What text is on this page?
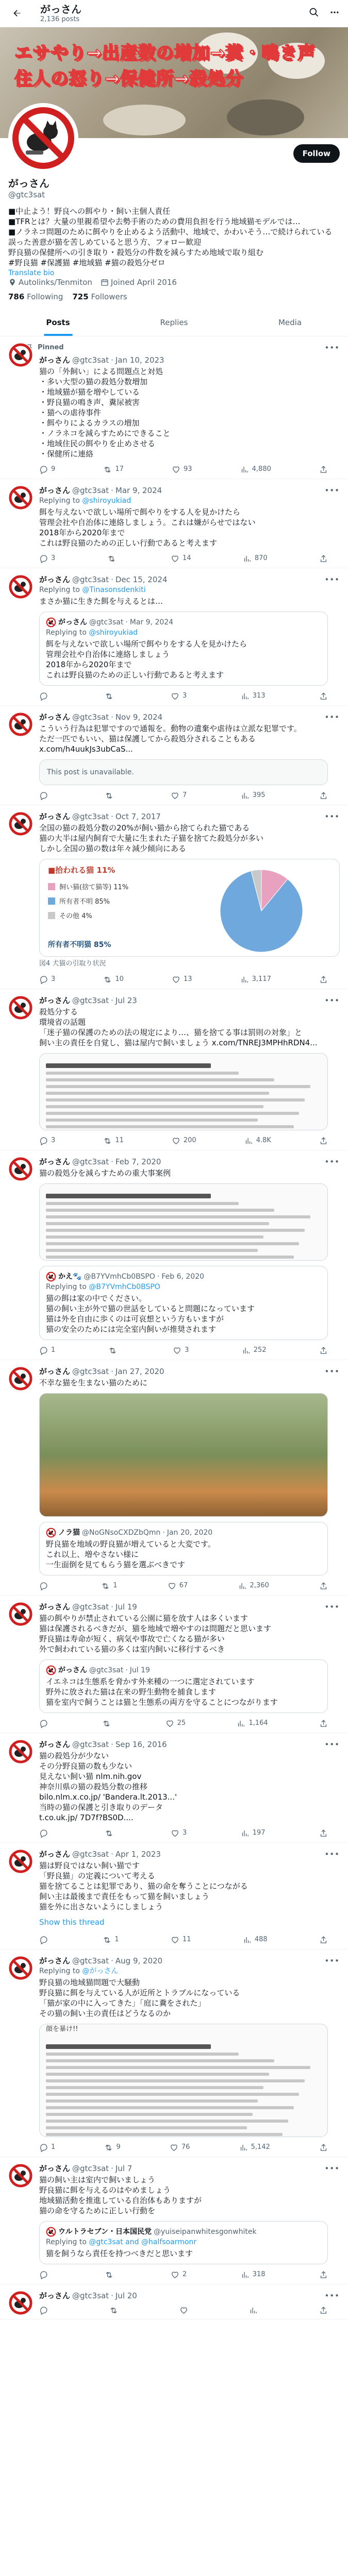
がっさん
2,136 posts
エサやり→出産数の増加→糞・鳴き声
住人の怒り→保健所→殺処分
Follow
がっさん
@gtc3sat
■中止よう！野良への餌やり・飼い主個人責任
■TFRとは？大量の里親希望や去勢手術のための費用負担を行う地域猫モデルでは…
■ノラネコ問題のために餌やりを止めるよう活動中、地域で、かわいそう…で続けられている
誤った善意が猫を苦しめていると思う方、フォロー歓迎
野良猫の保健所への引き取り・殺処分の件数を減らすため地域で取り組む
#野良猫 #保護猫 #地域猫 #猫の殺処分ゼロ
Translate bio
Autolinks/Tenmiton Joined April 2016
786 Following 725 Followers
Posts	Replies	Media
•••
Pinned
がっさん @gtc3sat · Jan 10, 2023
猫の「外飼い」による問題点と対処
・多い大型の猫の殺処分数増加
・地域猫が猫を増やしている
・野良猫の鳴き声、糞尿被害
・猫への虐待事件
・餌やりによるカラスの増加
・ノラネコを減らすためにできること
・地域住民の餌やりを止めさせる
・保健所に連絡
9	17	93	4,880
•••
がっさん @gtc3sat · Mar 9, 2024
Replying to @shiroyukiad
餌を与えないで欲しい場所で餌やりをする人を見かけたら
管理会社や自治体に連絡しましょう。これは嫌がらせではない
2018年から2020年まで
これは野良猫のための正しい行動であると考えます
3	14	870
•••
がっさん @gtc3sat · Dec 15, 2024
Replying to @Tinasonsdenkiti
まさか猫に生きた餌を与えるとは…
がっさん @gtc3sat · Mar 9, 2024
Replying to @shiroyukiad
餌を与えないで欲しい場所で餌やりをする人を見かけたら
管理会社や自治体に連絡しましょう
2018年から2020年まで
これは野良猫のための正しい行動であると考えます
3	313
•••
がっさん @gtc3sat · Nov 9, 2024
こういう行為は犯罪ですので通報を。動物の遺棄や虐待は立派な犯罪です。
ただ一匹でもいい、猫は保護してから殺処分されることもある
x.com/h4uukJs3ubCaS...
This post is unavailable.
7	395
•••
がっさん @gtc3sat · Oct 7, 2017
全国の猫の殺処分数の20%が飼い猫から捨てられた猫である
猫の大半は屋内飼育で大量に生まれた子猫を捨てた殺処分が多い
しかし全国の猫の数は年々減少傾向にある
飼い猫(捨て猫等) 11%
所有者不明 85%
その他 4%
■拾われる猫 11%
所有者不明猫 85%
図4 犬猫の引取り状況
3	10	13	3,117
•••
がっさん @gtc3sat · Jul 23
殺処分する
環境省の話題
「迷子猫の保護のための法の規定により…、猫を捨てる事は罰則の対象」と
飼い主の責任を自覚し、猫は屋内で飼いましょう x.com/TNREJ3MPHhRDN4...
3	11	200	4.8K
•••
がっさん @gtc3sat · Feb 7, 2020
猫の殺処分を減らすための重大事案例
かえ🐾 @B7YVmhCb0BSPO · Feb 6, 2020
Replying to @B7YVmhCb0BSPO
猫の餌は家の中でください。
猫の飼い主が外で猫の世話をしていると問題になっています
猫は外を自由に歩くのは可哀想という方もいますが
猫の安全のためには完全室内飼いが推奨されます
1	3	252
•••
がっさん @gtc3sat · Jan 27, 2020
不幸な猫を生まない猫のために
ノラ猫 @NoGNsoCXDZbQmn · Jan 20, 2020
野良猫を地域の野良猫が増えていると大変です。
これ以上、増やさない様に
一生面倒を見てもらう猫を選ぶべきです
1	67	2,360
•••
がっさん @gtc3sat · Jul 19
猫の餌やりが禁止されている公園に猫を放す人は多くいます
猫は保護されるべきだが、猫を地域で増やすのは問題だと思います
野良猫は寿命が短く、病気や事故で亡くなる猫が多い
外で飼われている猫の多くは室内飼いに移行するべき
がっさん @gtc3sat · Jul 19
イエネコは生態系を脅かす外来種の一つに選定されています
野外に放された猫は在来の野生動物を捕食します
猫を室内で飼うことは猫と生態系の両方を守ることにつながります
25	1,164
•••
がっさん @gtc3sat · Sep 16, 2016
猫の殺処分が少ない
その分野良猫の数も少ない
見えない飼い猫 nlm.nih.gov
神奈川県の猫の殺処分数の推移
bilo.nlm.x.co.jp/ 'Bandera.lt.2013...'
当時の猫の保護と引き取りのデータ
t.co.uk.jp/ 7D7f?BS0D....
3	197
•••
がっさん @gtc3sat · Apr 1, 2023
猫は野良ではない飼い猫です
「野良猫」の定義について考える
猫を捨てることは犯罪であり、猫の命を奪うことにつながる
飼い主は最後まで責任をもって猫を飼いましょう
猫を外に出さないようにしましょう
Show this thread
1	11	488
•••
がっさん @gtc3sat · Aug 9, 2020
Replying to @がっさん
野良猫の地域猫問題で大騒動
野良猫に餌を与えている人が近所とトラブルになっている
「猫が家の中に入ってきた」「庭に糞をされた」
その猫の飼い主の責任はどうなるのか
顔を暴け!!
1	9	76	5,142
•••
がっさん @gtc3sat · Jul 7
猫の飼い主は室内で飼いましょう
野良猫に餌を与えるのはやめましょう
地域猫活動を推進している自治体もありますが
猫の命を守るために正しい行動を
ウルトラセブン・日本国民党 @yuiseipanwhitesgonwhitek
Replying to @gtc3sat and @halfsoarmonr
猫を飼うなら責任を持つべきだと思います
2	318
•••
がっさん @gtc3sat · Jul 20
